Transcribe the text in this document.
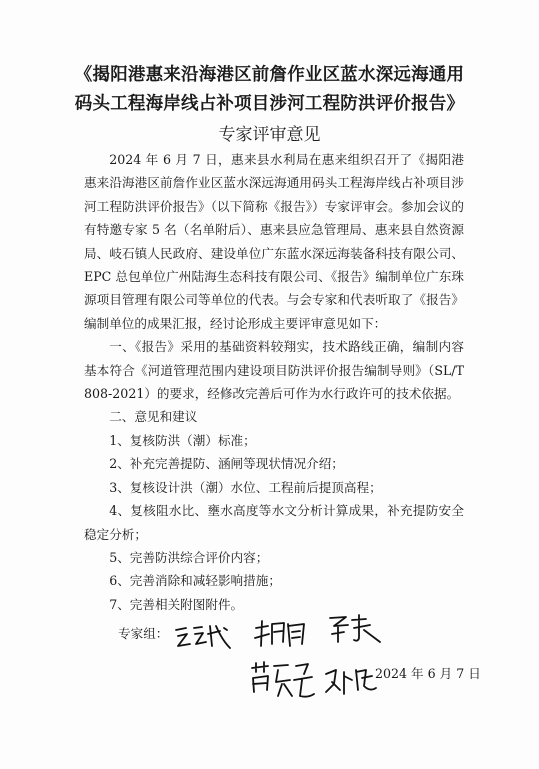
《揭阳港惠来沿海港区前詹作业区蓝水深远海通用
码头工程海岸线占补项目涉河工程防洪评价报告》
专家评审意见

2024 年 6 月 7 日，惠来县水利局在惠来组织召开了《揭阳港惠来沿海港区前詹作业区蓝水深远海通用码头工程海岸线占补项目涉河工程防洪评价报告》（以下简称《报告》）专家评审会。参加会议的有特邀专家 5 名（名单附后）、惠来县应急管理局、惠来县自然资源局、岐石镇人民政府、建设单位广东蓝水深远海装备科技有限公司、EPC 总包单位广州陆海生态科技有限公司、《报告》编制单位广东珠源项目管理有限公司等单位的代表。与会专家和代表听取了《报告》编制单位的成果汇报，经讨论形成主要评审意见如下：

一、《报告》采用的基础资料较翔实，技术路线正确，编制内容基本符合《河道管理范围内建设项目防洪评价报告编制导则》（SL/T 808-2021）的要求，经修改完善后可作为水行政许可的技术依据。

二、意见和建议

1、复核防洪（潮）标准；

2、补充完善提防、涵闸等现状情况介绍；

3、复核设计洪（潮）水位、工程前后提顶高程；

4、复核阻水比、壅水高度等水文分析计算成果，补充提防安全稳定分析；

5、完善防洪综合评价内容；

6、完善消除和减轻影响措施；

7、完善相关附图附件。

专家组：
2024 年 6 月 7 日
